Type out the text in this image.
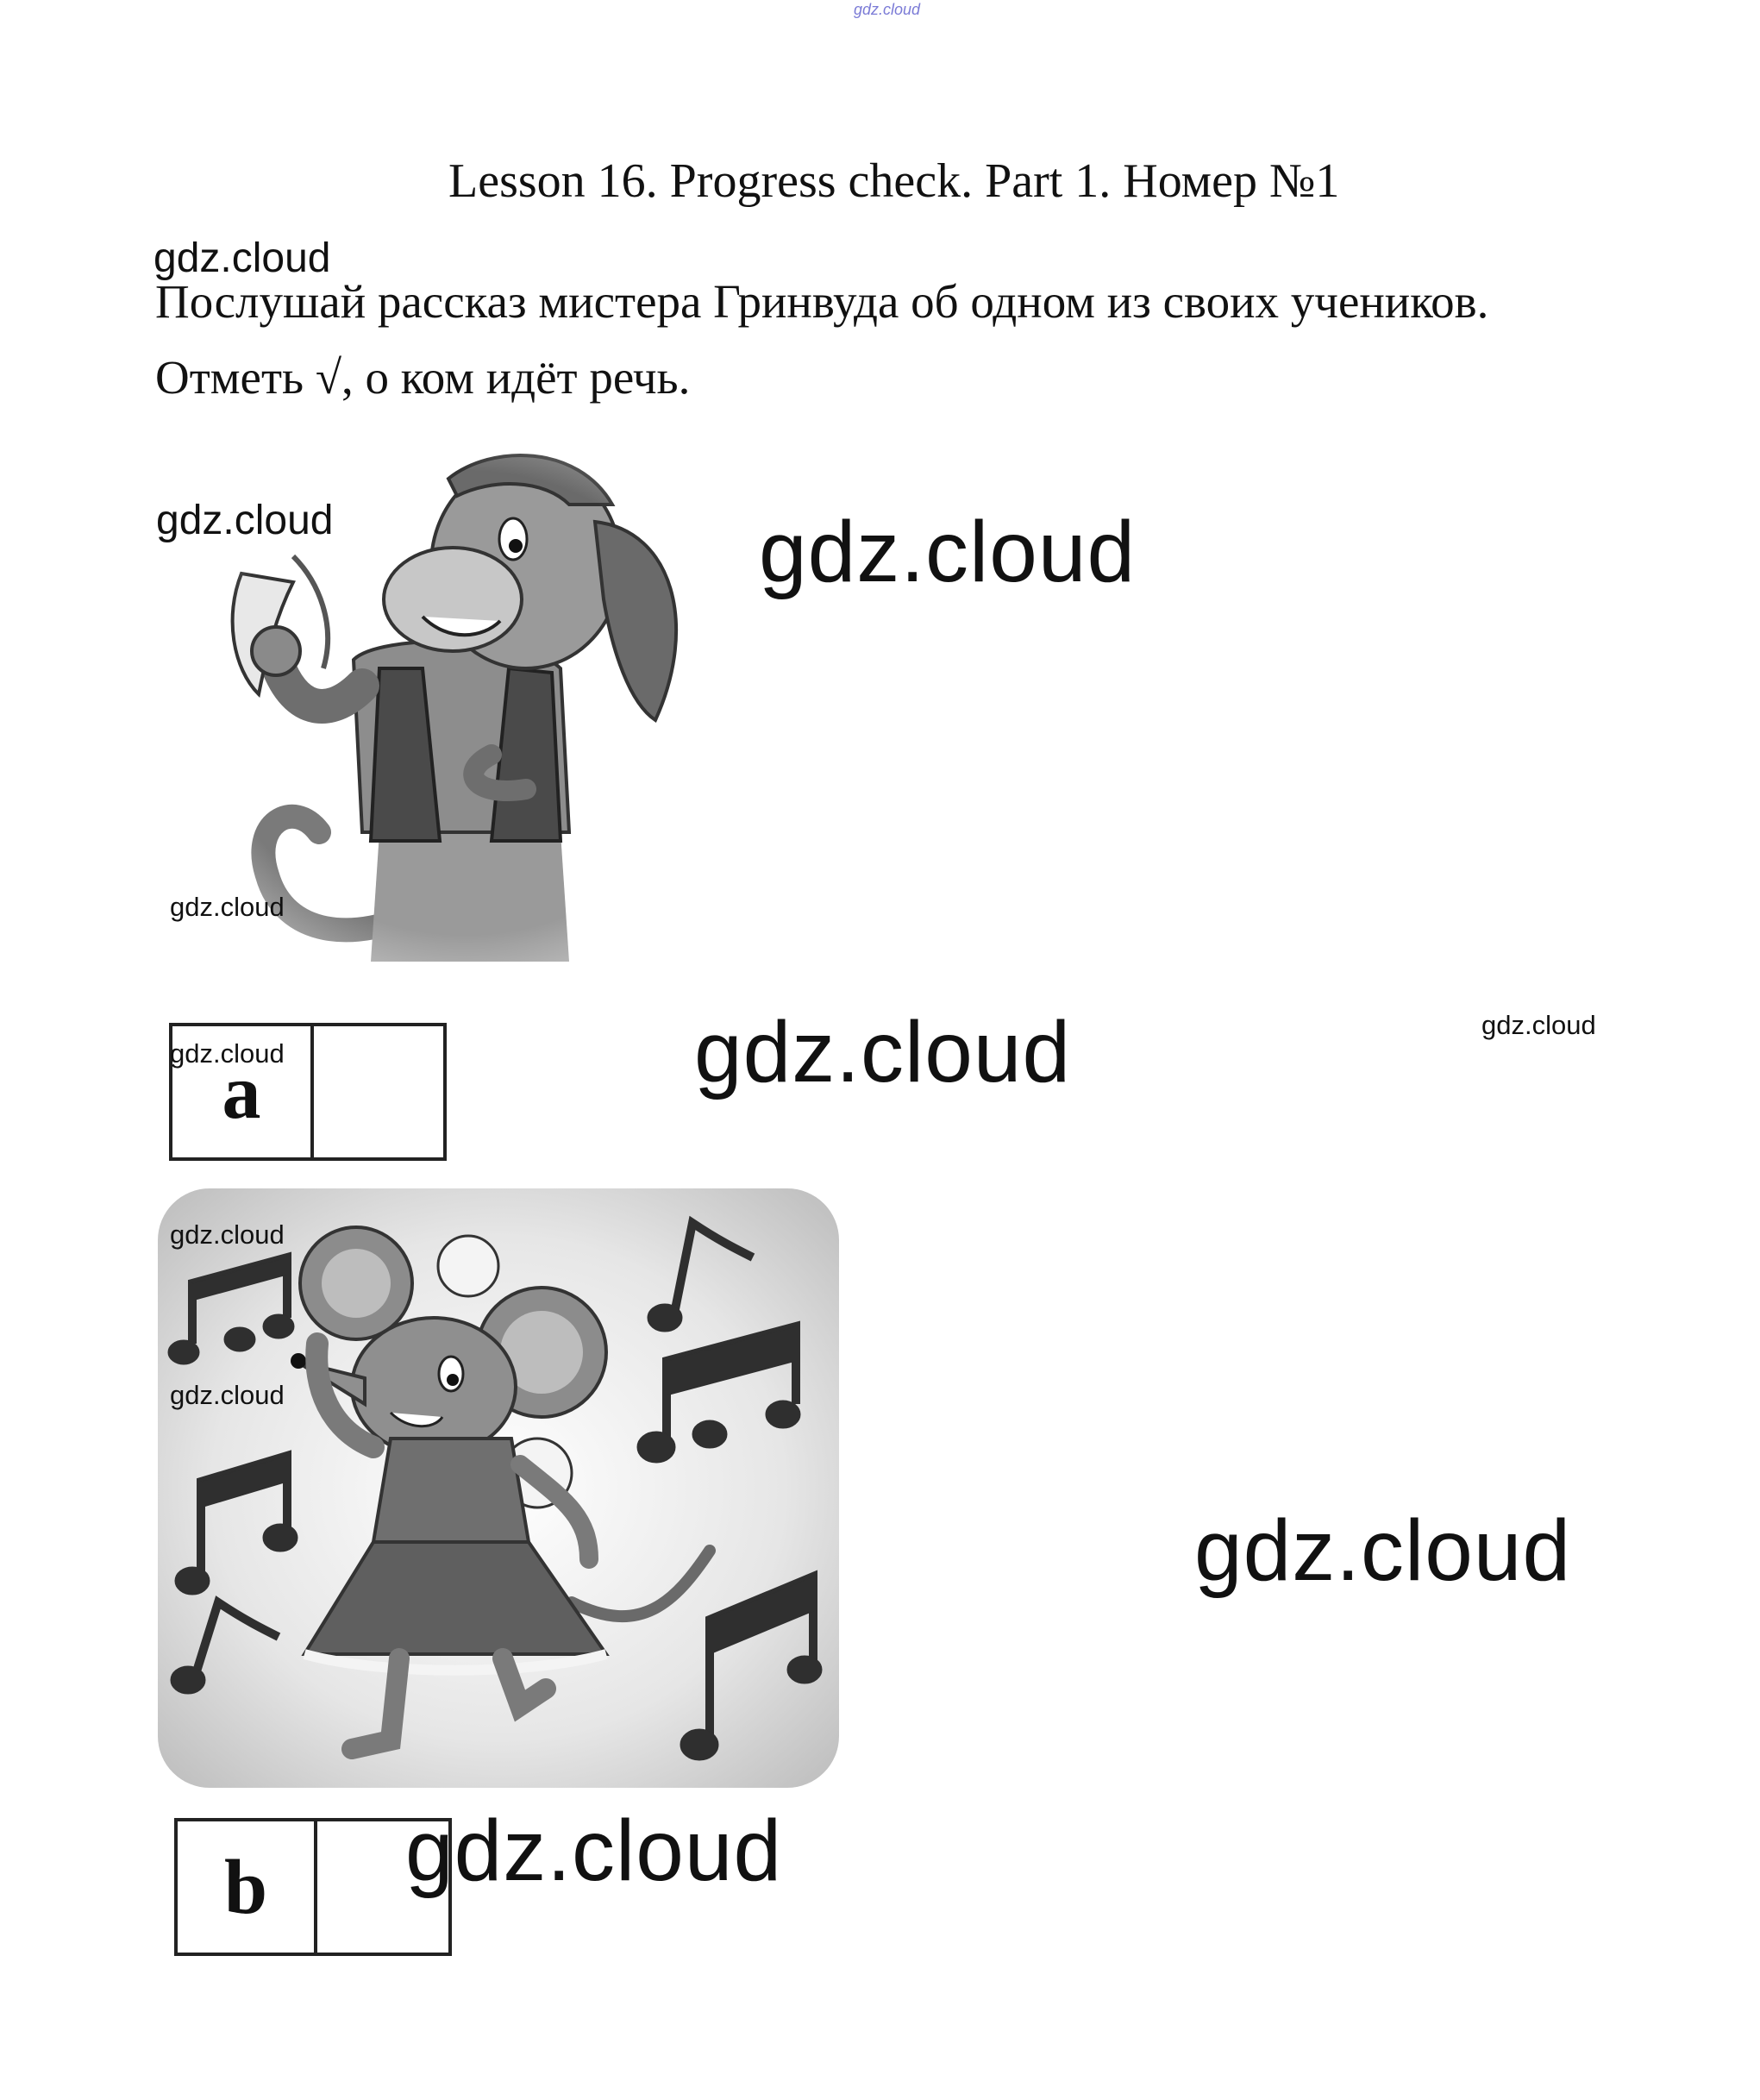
gdz.cloud
Lesson 16. Progress check. Part 1. Номер №1
gdz.cloud
Послушай рассказ мистера Гринвуда об одном из своих учеников.
Отметь √, о ком идёт речь.
gdz.cloud	gdz.cloud
gdz.cloud
a
gdz.cloud	gdz.cloud	gdz.cloud
gdz.cloud
gdz.cloud
gdz.cloud
b	gdz.cloud
